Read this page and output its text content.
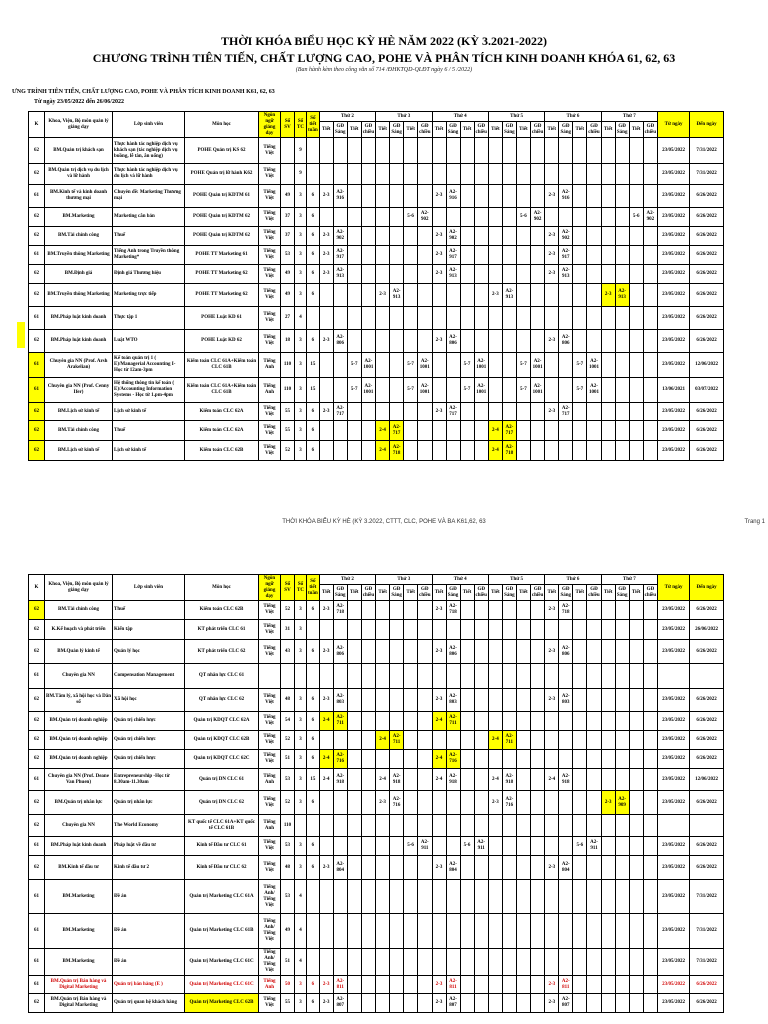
THỜI KHÓA BIỂU HỌC KỲ HÈ NĂM 2022 (KỲ 3.2021-2022)
CHƯƠNG TRÌNH TIÊN TIẾN, CHẤT LƯỢNG CAO, POHE VÀ PHÂN TÍCH KINH DOANH KHÓA 61, 62, 63
(Ban hành kèm theo công văn số 714 /ĐHKTQD-QLĐT ngày 6 / 5 /2022)
ƯNG TRÌNH TIÊN TIẾN, CHẤT LƯỢNG CAO, POHE VÀ PHÂN TÍCH KINH DOANH K61, 62, 63
Từ ngày 23/05/2022 đến 26/06/2022
K	Khoa, Viện, Bộ môn quản lý giảng dạy	Lớp sinh viên	Môn học	Ngôn ngữ giảng dạy	Số SV	Số TC	Số tiết tuần	Thứ 2				Thứ 3				Thứ 4				Thứ 5				Thứ 6				Thứ 7				Từ ngày	Đến ngày
								Tiết	GĐ Sáng	Tiết	GĐ chiều	Tiết	GĐ Sáng	Tiết	GĐ chiều	Tiết	GĐ Sáng	Tiết	GĐ chiều	Tiết	GĐ Sáng	Tiết	GĐ chiều	Tiết	GĐ Sáng	Tiết	GĐ chiều	Tiết	GĐ Sáng	Tiết	GĐ chiều		
62	BM.Quản trị khách sạn	Thực hành tác nghiệp dịch vụ khách sạn (tác nghiệp dịch vụ buồng, lễ tân, ăn uống)	POHE Quản trị KS 62	Tiếng Việt		9																										23/05/2022	7/31/2022
62	BM.Quản trị dịch vụ du lịch và lữ hành	Thực hành tác nghiệp dịch vụ du lịch và lữ hành	POHE Quản trị lữ hành K62	Tiếng Việt		9																										23/05/2022	7/31/2022
61	BM.Kinh tế và kinh doanh thương mại	Chuyên đề: Marketing Thương mại	POHE Quản trị KDTM 61	Tiếng Việt	49	3	6	2-3	A2-916							2-3	A2-916							2-3	A2-916							23/05/2022	6/26/2022
62	BM.Marketing	Marketing căn bản	POHE Quản trị KDTM 62	Tiếng Việt	37	3	6							5-6	A2-902							5-6	A2-902							5-6	A2-902	23/05/2022	6/26/2022
62	BM.Tài chính công	Thuế	POHE Quản trị KDTM 62	Tiếng Việt	37	3	6	2-3	A2-902							2-3	A2-902							2-3	A2-902							23/05/2022	6/26/2022
61	BM.Truyền thông Marketing	Tiếng Anh trong Truyền thông Marketing*	POHE TT Marketing 61	Tiếng Việt	53	3	6	2-3	A2-917							2-3	A2-917							2-3	A2-917							23/05/2022	6/26/2022
62	BM.Định giá	Định giá Thương hiệu	POHE TT Marketing 62	Tiếng Việt	49	3	6	2-3	A2-913							2-3	A2-913							2-3	A2-913							23/05/2022	6/26/2022
62	BM.Truyền thông Marketing	Marketing trực tiếp	POHE TT Marketing 62	Tiếng Việt	49	3	6					2-3	A2-913							2-3	A2-913							2-3	A2-913			23/05/2022	6/26/2022
61	BM.Pháp luật kinh doanh	Thực tập 1	POHE Luật KD 61	Tiếng Việt	27	4																										23/05/2022	6/26/2022
62	BM.Pháp luật kinh doanh	Luật WTO	POHE Luật KD 62	Tiếng Việt	18	3	6	2-3	A2-806							2-3	A2-806							2-3	A2-806							23/05/2022	6/26/2022
61	Chuyên gia NN (Prof. Arsh Arakelian)	Kế toán quản trị 1 ( E)/Managerial Accounting I-Học từ 12am-3pm	Kiểm toán CLC 61A+Kiểm toán CLC 61B	Tiếng Anh	110	3	15			5-7	A2-1001			5-7	A2-1001			5-7	A2-1001			5-7	A2-1001			5-7	A2-1001					23/05/2022	12/06/2022
61	Chuyên gia NN (Prof. Cenny Ifer)	Hệ thống thông tin kế toán ( E)/Accounting Information Systems - Học từ 1.pm-4pm	Kiểm toán CLC 61A+Kiểm toán CLC 61B	Tiếng Anh	110	3	15			5-7	A2-1001			5-7	A2-1001			5-7	A2-1001			5-7	A2-1001			5-7	A2-1001					13/06/2021	03/07/2022
62	BM.Lịch sử kinh tế	Lịch sử kinh tế	Kiểm toán CLC 62A	Tiếng Việt	55	3	6	2-3	A2-717							2-3	A2-717							2-3	A2-717							23/05/2022	6/26/2022
62	BM.Tài chính công	Thuế	Kiểm toán CLC 62A	Tiếng Việt	55	3	6					2-4	A2-717							2-4	A2-717											23/05/2022	6/26/2022
62	BM.Lịch sử kinh tế	Lịch sử kinh tế	Kiểm toán CLC 62B	Tiếng Việt	52	3	6					2-4	A2-718							2-4	A2-718											23/05/2022	6/26/2022
THỜI KHÓA BIỂU KỲ HÈ (KỲ 3.2022, CTTT, CLC, POHE VÀ BA K61,62, 63	Trang 1
K	Khoa, Viện, Bộ môn quản lý giảng dạy	Lớp sinh viên	Môn học	Ngôn ngữ giảng dạy	Số SV	Số TC	Số tiết tuần	Thứ 2				Thứ 3				Thứ 4				Thứ 5				Thứ 6				Thứ 7				Từ ngày	Đến ngày
								Tiết	GĐ Sáng	Tiết	GĐ chiều	Tiết	GĐ Sáng	Tiết	GĐ chiều	Tiết	GĐ Sáng	Tiết	GĐ chiều	Tiết	GĐ Sáng	Tiết	GĐ chiều	Tiết	GĐ Sáng	Tiết	GĐ chiều	Tiết	GĐ Sáng	Tiết	GĐ chiều		
62	BM.Tài chính công	Thuế	Kiểm toán CLC 62B	Tiếng Việt	52	3	6	2-3	A2-718							2-3	A2-718							2-3	A2-718							23/05/2022	6/26/2022
62	K.Kế hoạch và phát triển	Kiến tập	KT phát triển CLC 61	Tiếng Việt	31	3																										23/05/2022	26/06/2022
62	BM.Quản lý kinh tế	Quản lý học	KT phát triển CLC 62	Tiếng Việt	43	3	6	2-3	A2-806							2-3	A2-806							2-3	A2-806							23/05/2022	6/26/2022
61	Chuyên gia NN	Compensation Management	QT nhân lực CLC 61																														
62	BM.Tâm lý, xã hội học và Dân số	Xã hội học	QT nhân lực CLC 62	Tiếng Việt	48	3	6	2-3	A2-803							2-3	A2-803							2-3	A2-803							23/05/2022	6/26/2022
62	BM.Quản trị doanh nghiệp	Quản trị chiến lược	Quản trị KDQT CLC 62A	Tiếng Việt	54	3	6	2-4	A2-711							2-4	A2-711															23/05/2022	6/26/2022
62	BM.Quản trị doanh nghiệp	Quản trị chiến lược	Quản trị KDQT CLC 62B	Tiếng Việt	52	3	6					2-4	A2-711							2-4	A2-711											23/05/2022	6/26/2022
62	BM.Quản trị doanh nghiệp	Quản trị chiến lược	Quản trị KDQT CLC 62C	Tiếng Việt	51	3	6	2-4	A2-716							2-4	A2-716															23/05/2022	6/26/2022
61	Chuyên gia NN (Prof. Deane Van Phuen)	Entrepreneurship -Học từ 8.30am-11.30am	Quản trị DN CLC 61	Tiếng Anh	53	3	15	2-4	A2-918			2-4	A2-918			2-4	A2-918			2-4	A2-918			2-4	A2-918							23/05/2022	12/06/2022
62	BM.Quản trị nhân lực	Quản trị nhân lực	Quản trị DN CLC 62	Tiếng Việt	52	3	6					2-3	A2-716							2-3	A2-716							2-3	A2-909			23/05/2022	6/26/2022
62	Chuyên gia NN	The World Economy	KT quốc tế CLC 61A+KT quốc tế CLC 61B	Tiếng Anh	110																												
61	BM.Pháp luật kinh doanh	Pháp luật về đầu tư	Kinh tế Đầu tư CLC 61	Tiếng Việt	53	3	6							5-6	A2-911			5-6	A2-911							5-6	A2-911					23/05/2022	6/26/2022
62	BM.Kinh tế đầu tư	Kinh tế đầu tư 2	Kinh tế Đầu tư CLC 62	Tiếng Việt	48	3	6	2-3	A2-804							2-3	A2-804							2-3	A2-804							23/05/2022	6/26/2022
61	BM.Marketing	Đề án	Quản trị Marketing CLC 61A	Tiếng Anh/ Tiếng Việt	53	4																										23/05/2022	7/31/2022
61	BM.Marketing	Đề án	Quản trị Marketing CLC 61B	Tiếng Anh/ Tiếng Việt	49	4																										23/05/2022	7/31/2022
61	BM.Marketing	Đề án	Quản trị Marketing CLC 61C	Tiếng Anh/ Tiếng Việt	51	4																										23/05/2022	7/31/2022
61	BM.Quản trị Bán hàng và Digital Marketing	Quản trị bán hàng (E )	Quản trị Marketing CLC 61C	Tiếng Anh	50	3	6	2-3	A2-811							2-3	A2-811							2-3	A2-811							23/05/2022	6/26/2022
62	BM.Quản trị Bán hàng và Digital Marketing	Quản trị quan hệ khách hàng	Quản trị Marketing CLC 62B	Tiếng Việt	55	3	6	2-3	A2-807							2-3	A2-807							2-3	A2-807							23/05/2022	6/26/2022
